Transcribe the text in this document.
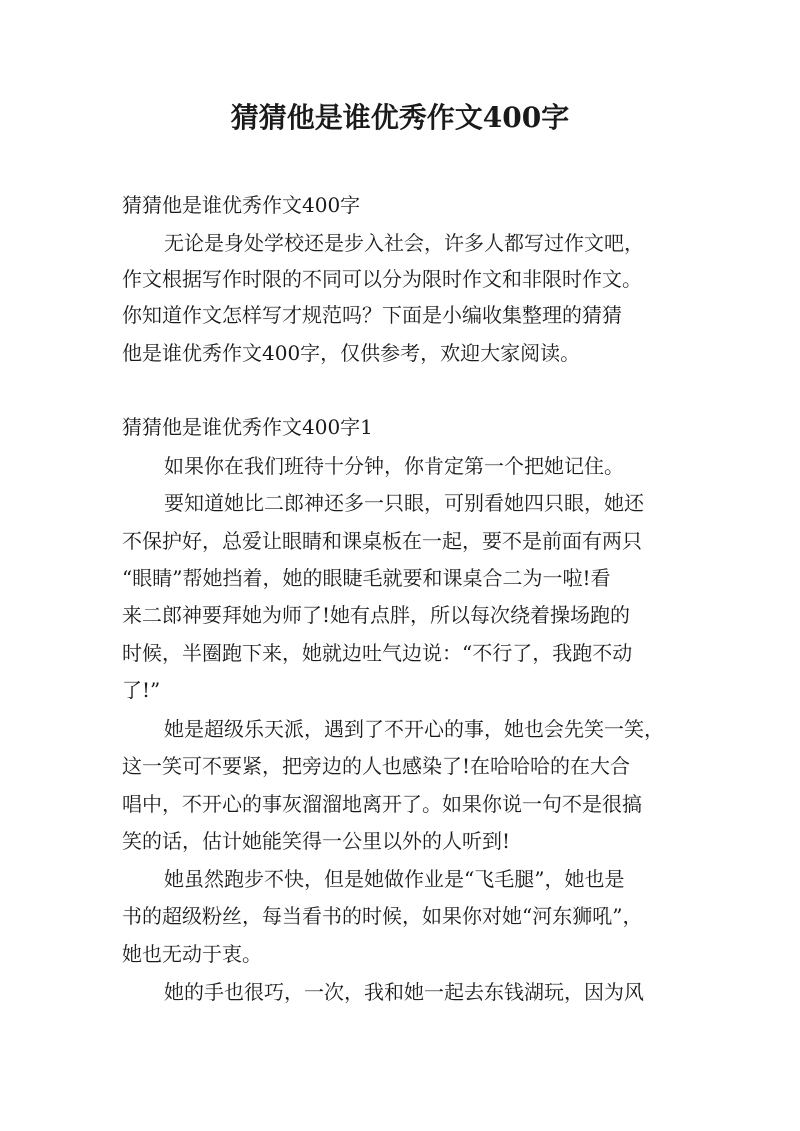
猜猜他是谁优秀作文400字
猜猜他是谁优秀作文400字
无论是身处学校还是步入社会，许多人都写过作文吧，
作文根据写作时限的不同可以分为限时作文和非限时作文。
你知道作文怎样写才规范吗？下面是小编收集整理的猜猜
他是谁优秀作文400字，仅供参考，欢迎大家阅读。
猜猜他是谁优秀作文400字1
如果你在我们班待十分钟，你肯定第一个把她记住。
要知道她比二郎神还多一只眼，可别看她四只眼，她还
不保护好，总爱让眼睛和课桌板在一起，要不是前面有两只
“眼睛”帮她挡着，她的眼睫毛就要和课桌合二为一啦!看
来二郎神要拜她为师了!她有点胖，所以每次绕着操场跑的
时候，半圈跑下来，她就边吐气边说：“不行了，我跑不动
了!”
她是超级乐天派，遇到了不开心的事，她也会先笑一笑，
这一笑可不要紧，把旁边的人也感染了!在哈哈哈的在大合
唱中，不开心的事灰溜溜地离开了。如果你说一句不是很搞
笑的话，估计她能笑得一公里以外的人听到!
她虽然跑步不快，但是她做作业是“飞毛腿”，她也是
书的超级粉丝，每当看书的时候，如果你对她“河东狮吼”，
她也无动于衷。
她的手也很巧，一次，我和她一起去东钱湖玩，因为风
